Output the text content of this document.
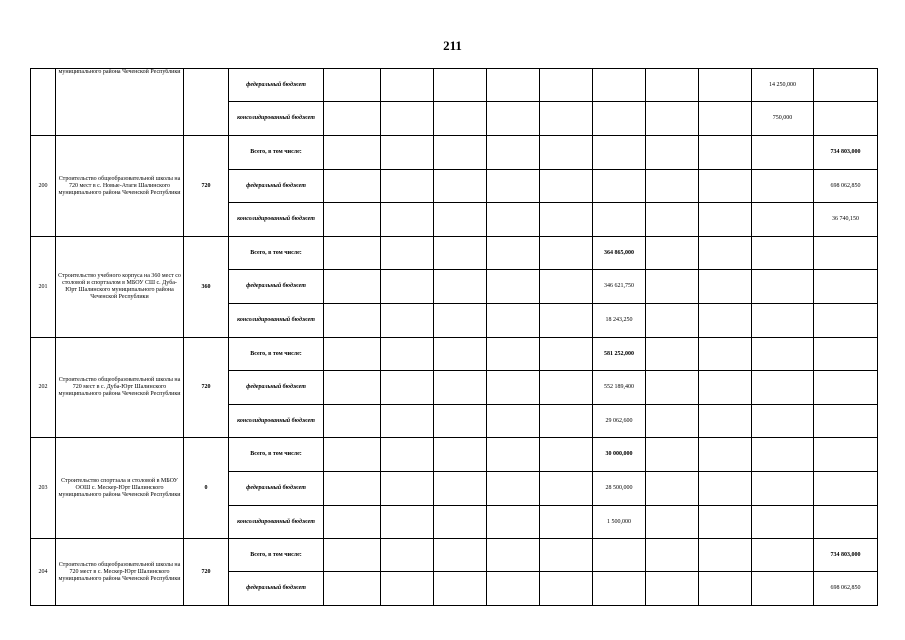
211
	муниципального района Чеченской Республики		федеральный бюджет									14 250,000	
			консолидированный бюджет									750,000	
200	Строительство общеобразовательной школы на 720 мест в с. Новые-Атаги Шалинского муниципального района Чеченской Республики	720	Всего, в том числе:										734 803,000
			федеральный бюджет										698 062,850
			консолидированный бюджет										36 740,150
201	Строительство учебного корпуса на 360 мест со столовой и спортзалом в МБОУ СШ с. Дуба-Юрт Шалинского муниципального района Чеченской Республики	360	Всего, в том числе:						364 865,000				
			федеральный бюджет						346 621,750				
			консолидированный бюджет						18 243,250				
202	Строительство общеобразовательной школы на 720 мест в с. Дуба-Юрт Шалинского муниципального района Чеченской Республики	720	Всего, в том числе:						581 252,000				
			федеральный бюджет						552 189,400				
			консолидированный бюджет						29 062,600				
203	Строительство спортзала и столовой в МБОУ ООШ с. Мескер-Юрт Шалинского муниципального района Чеченской Республики	0	Всего, в том числе:						30 000,000				
			федеральный бюджет						28 500,000				
			консолидированный бюджет						1 500,000				
204	Строительство общеобразовательной школы на 720 мест в с. Мескер-Юрт Шалинского муниципального района Чеченской Республики	720	Всего, в том числе:										734 803,000
			федеральный бюджет										698 062,850
